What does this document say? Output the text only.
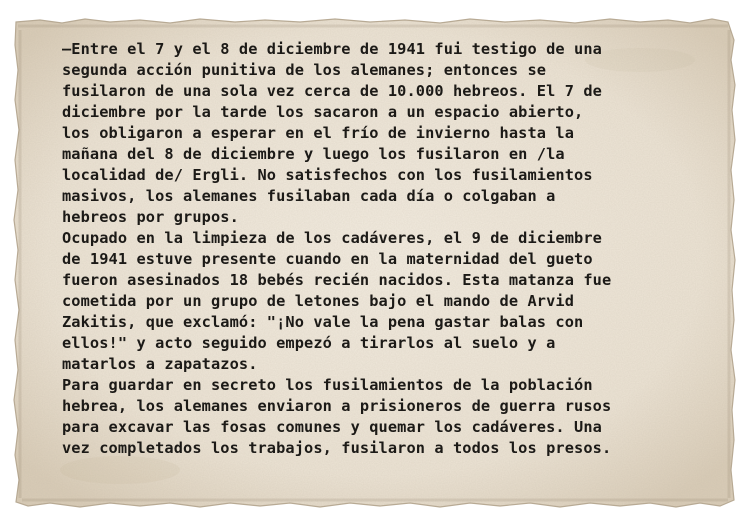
—Entre el 7 y el 8 de diciembre de 1941 fui testigo de una
segunda acción punitiva de los alemanes; entonces se
fusilaron de una sola vez cerca de 10.000 hebreos. El 7 de
diciembre por la tarde los sacaron a un espacio abierto,
los obligaron a esperar en el frío de invierno hasta la
mañana del 8 de diciembre y luego los fusilaron en /la
localidad de/ Ergli. No satisfechos con los fusilamientos
masivos, los alemanes fusilaban cada día o colgaban a
hebreos por grupos.

Ocupado en la limpieza de los cadáveres, el 9 de diciembre
de 1941 estuve presente cuando en la maternidad del gueto
fueron asesinados 18 bebés recién nacidos. Esta matanza fue
cometida por un grupo de letones bajo el mando de Arvid
Zakitis, que exclamó: "¡No vale la pena gastar balas con
ellos!" y acto seguido empezó a tirarlos al suelo y a
matarlos a zapatazos.

Para guardar en secreto los fusilamientos de la población
hebrea, los alemanes enviaron a prisioneros de guerra rusos
para excavar las fosas comunes y quemar los cadáveres. Una
vez completados los trabajos, fusilaron a todos los presos.
